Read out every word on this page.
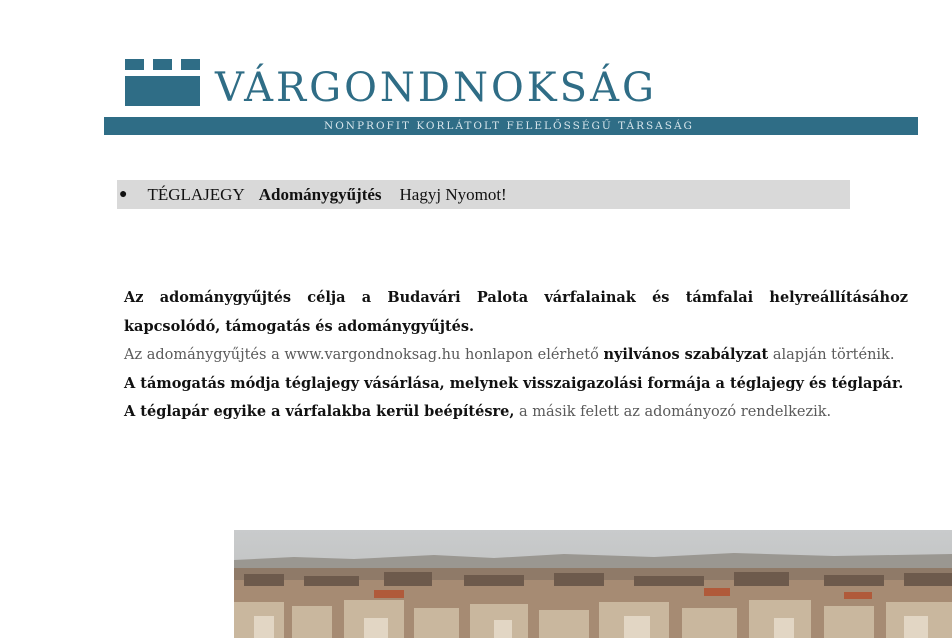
VÁRGONDNOKSÁG
NONPROFIT KORLÁTOLT FELELŐSSÉGŰ TÁRSASÁG
● TÉGLAJEGY Adománygyűjtés Hagyj Nyomot!

Az adománygyűjtés célja a Budavári Palota várfalainak és támfalai helyreállításához kapcsolódó, támogatás és adománygyűjtés.

Az adománygyűjtés a www.vargondnoksag.hu honlapon elérhető nyilvános szabályzat alapján történik.

A támogatás módja téglajegy vásárlása, melynek visszaigazolási formája a téglajegy és téglapár.

A téglapár egyike a várfalakba kerül beépítésre, a másik felett az adományozó rendelkezik.
